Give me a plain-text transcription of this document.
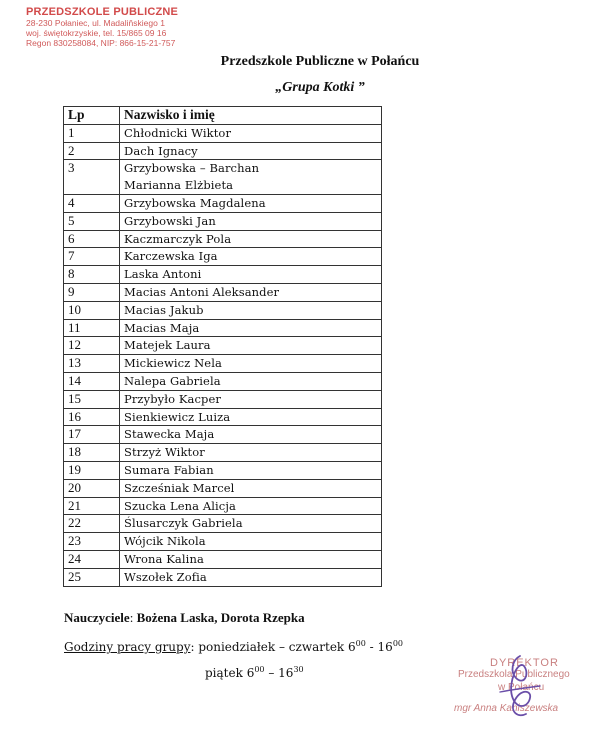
PRZEDSZKOLE PUBLICZNE
28-230 Połaniec, ul. Madaliňskiego 1
woj. świętokrzyskie, tel. 15/865 09 16
Regon 830258084, NIP: 866-15-21-757
Przedszkole Publiczne w Połańcu
„Grupa Kotki ”
Lp	Nazwisko i imię
1	Chłodnicki Wiktor

2	Dach Ignacy

3	Grzybowska – Barchan
Marianna Elżbieta

4	Grzybowska Magdalena

5	Grzybowski Jan

6	Kaczmarczyk Pola

7	Karczewska Iga

8	Laska Antoni

9	Macias Antoni Aleksander

10	Macias Jakub

11	Macias Maja

12	Matejek Laura

13	Mickiewicz Nela

14	Nalepa Gabriela

15	Przybyło Kacper

16	Sienkiewicz Luiza

17	Stawecka Maja

18	Strzyż Wiktor

19	Sumara Fabian

20	Szcześniak Marcel

21	Szucka Lena Alicja

22	Ślusarczyk Gabriela

23	Wójcik Nikola

24	Wrona Kalina

25	Wszołek Zofia
Nauczyciele: Bożena Laska, Dorota Rzepka
Godziny pracy grupy: poniedziałek – czwartek $6^{00} - 16^{00}$
piątek $6^{00} - 16^{30}$
DYREKTOR
Przedszkola Publicznego
w Połańcu
mgr Anna Kaniszewska
